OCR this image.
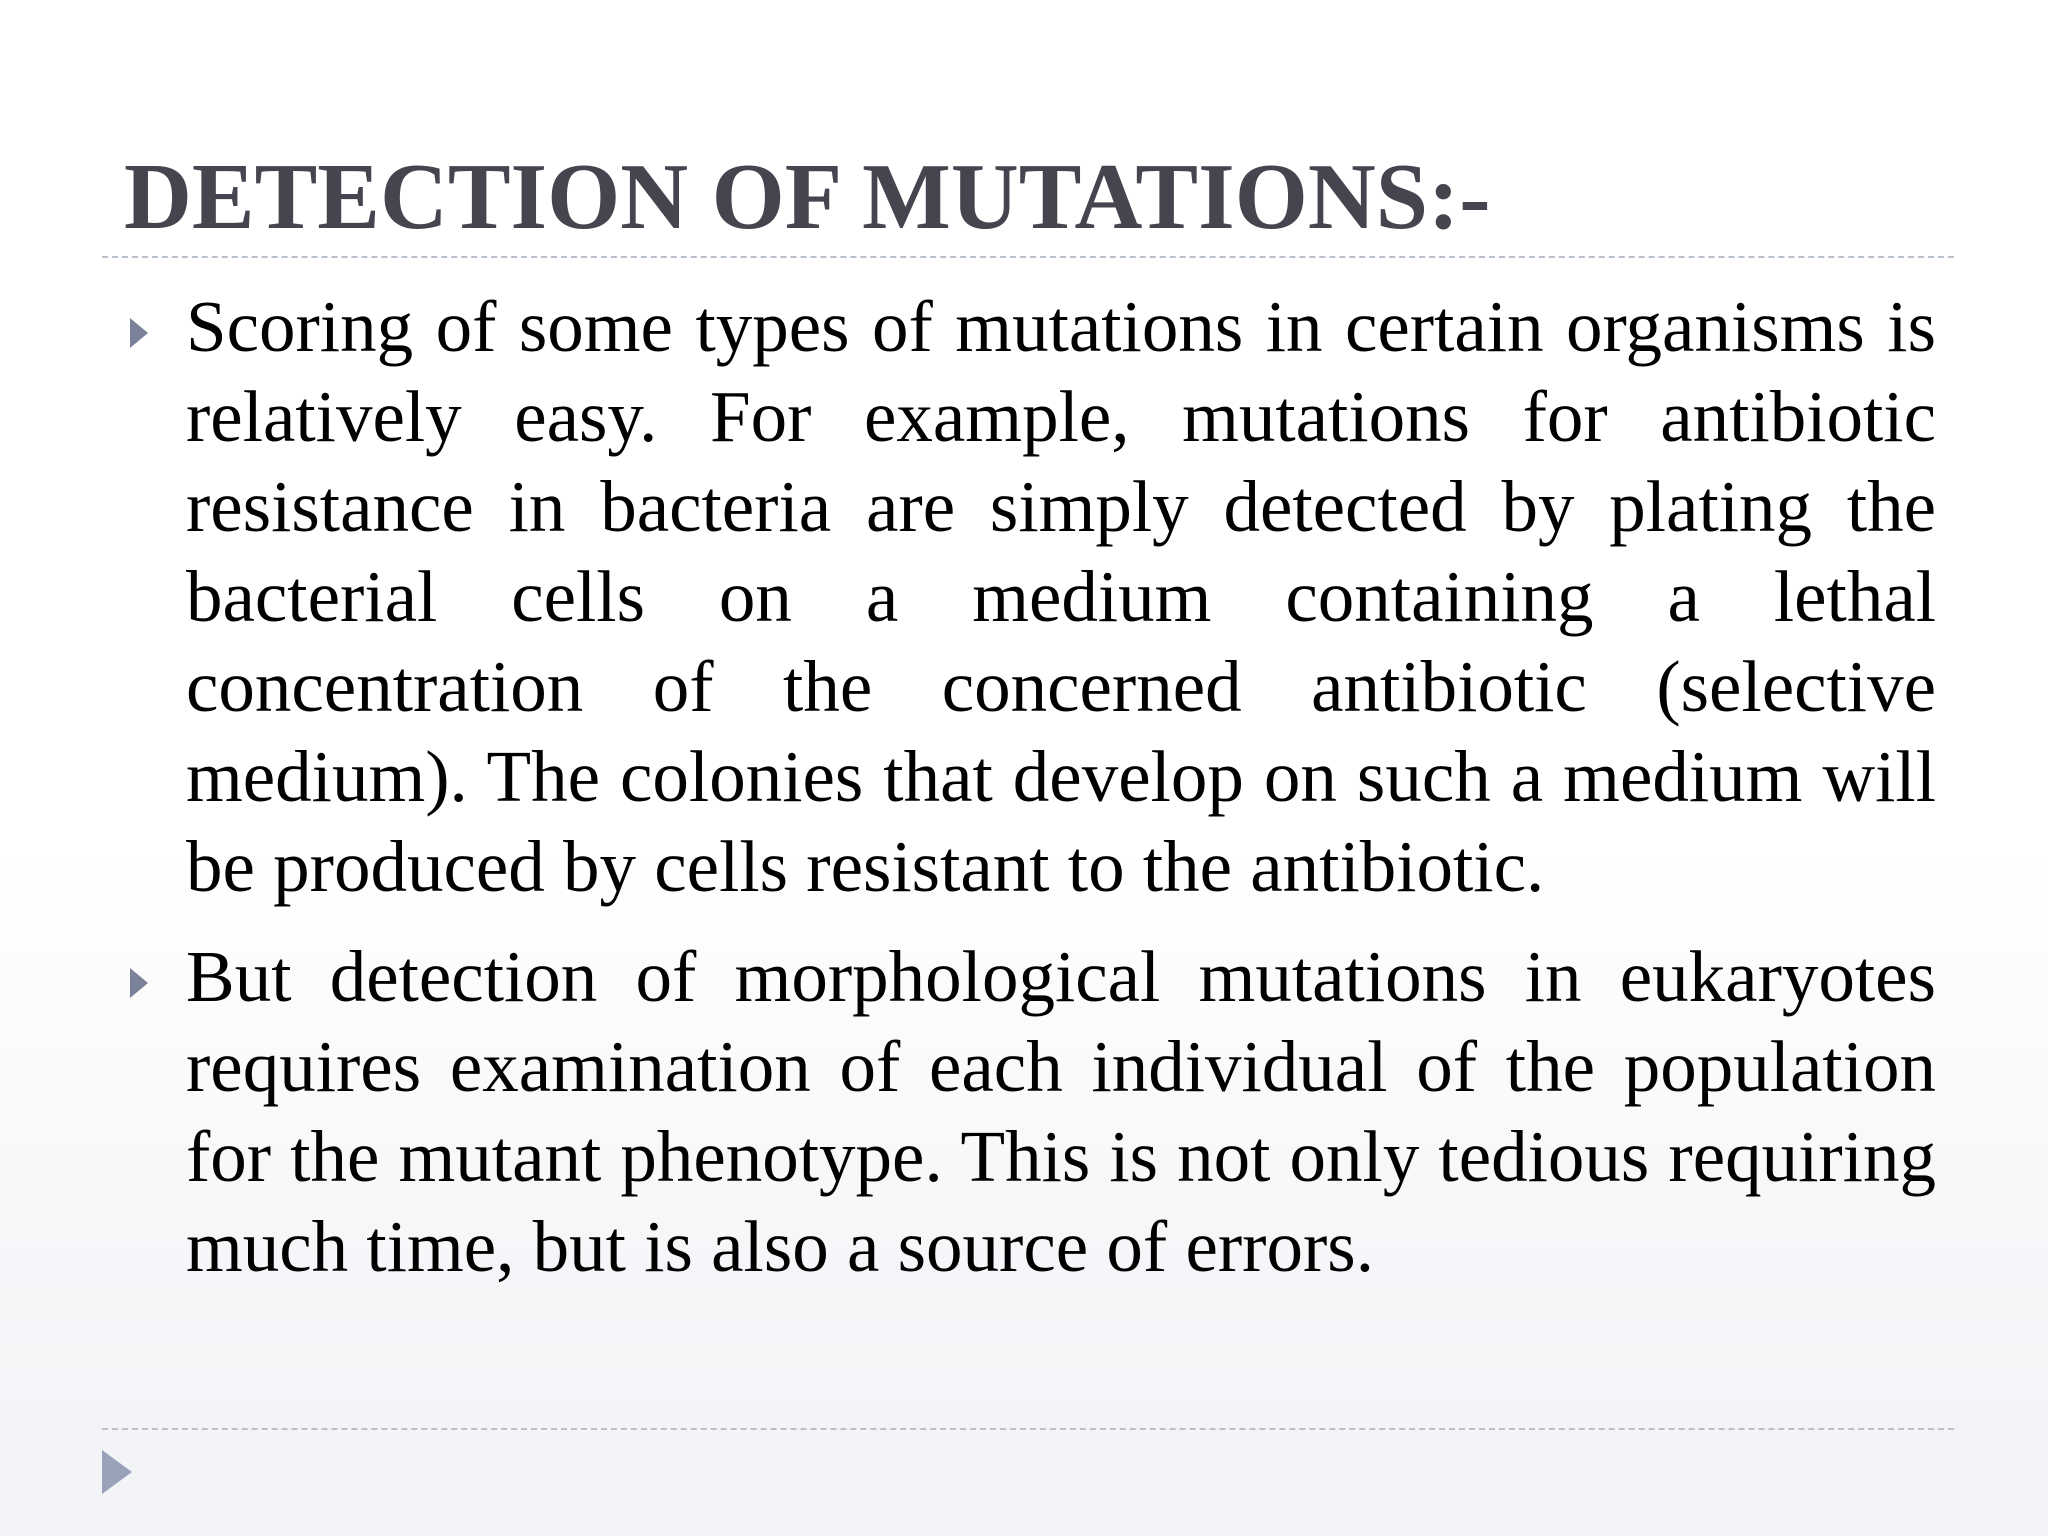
DETECTION OF MUTATIONS:-

Scoring of some types of mutations in certain organisms is relatively easy. For example, mutations for antibiotic resistance in bacteria are simply detected by plating the bacterial cells on a medium containing a lethal concentration of the concerned antibiotic (selective medium). The colonies that develop on such a medium will be produced by cells resistant to the antibiotic.

But detection of morphological mutations in eukaryotes requires examination of each individual of the population for the mutant phenotype. This is not only tedious requiring much time, but is also a source of errors.
